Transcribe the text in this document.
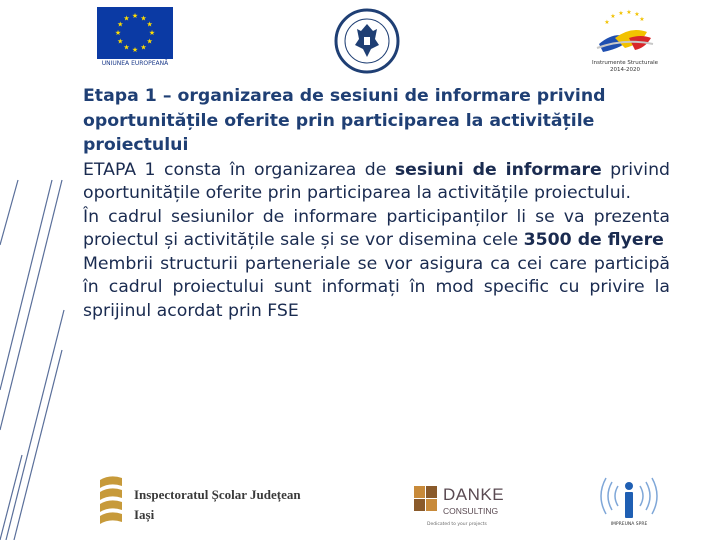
★ ★
★
★
★
★
★
★
★
★
★
★
UNIUNEA EUROPEANĂ
★ ★ ★ ★
★	★
Instrumente Structurale
2014-2020

Etapa 1 – organizarea de sesiuni de informare privind oportunitățile oferite prin participarea la activitățile proiectului

ETAPA 1 consta în organizarea de sesiuni de informare privind oportunitățile oferite prin participarea la activitățile proiectului.

În cadrul sesiunilor de informare participanților li se va prezenta proiectul și activitățile sale și se vor disemina cele 3500 de flyere

Membrii structurii parteneriale se vor asigura ca cei care participă în cadrul proiectului sunt informați în mod specific cu privire la sprijinul acordat prin FSE

Inspectoratul Școlar Județean
Iași
DANKE
CONSULTING
Dedicated to your projects	IMPREUNA SPRE
